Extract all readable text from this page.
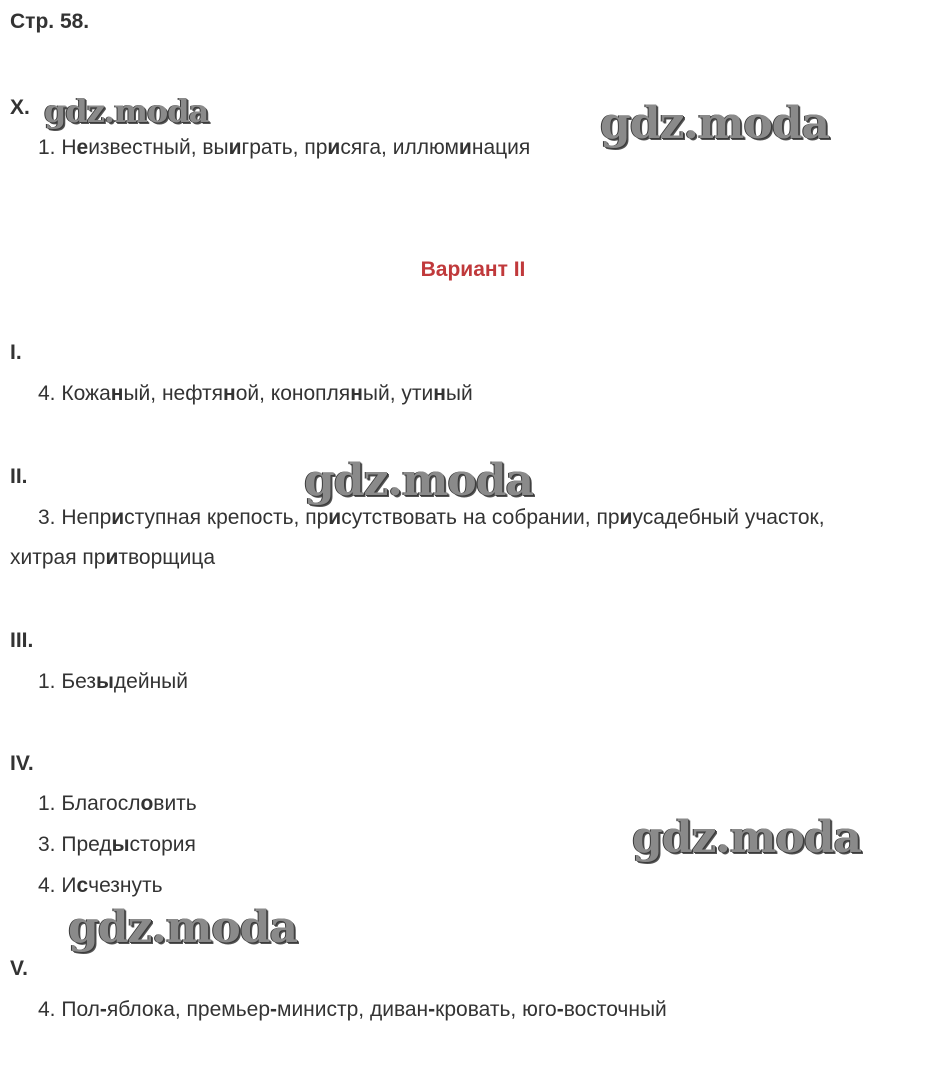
Стр. 58.
X.
1. Неизвестный, выиграть, присяга, иллюминация
Вариант II
I.
4. Кожаный, нефтяной, конопляный, утиный
II.
3. Неприступная крепость, присутствовать на собрании, приусадебный участок,
хитрая притворщица
III.
1. Безыдейный
IV.
1. Благословить
3. Предыстория
4. Исчезнуть
V.
4. Пол-яблока, премьер-министр, диван-кровать, юго-восточный
gdz.moda	gdz.moda
gdz.moda
gdz.moda
gdz.moda
